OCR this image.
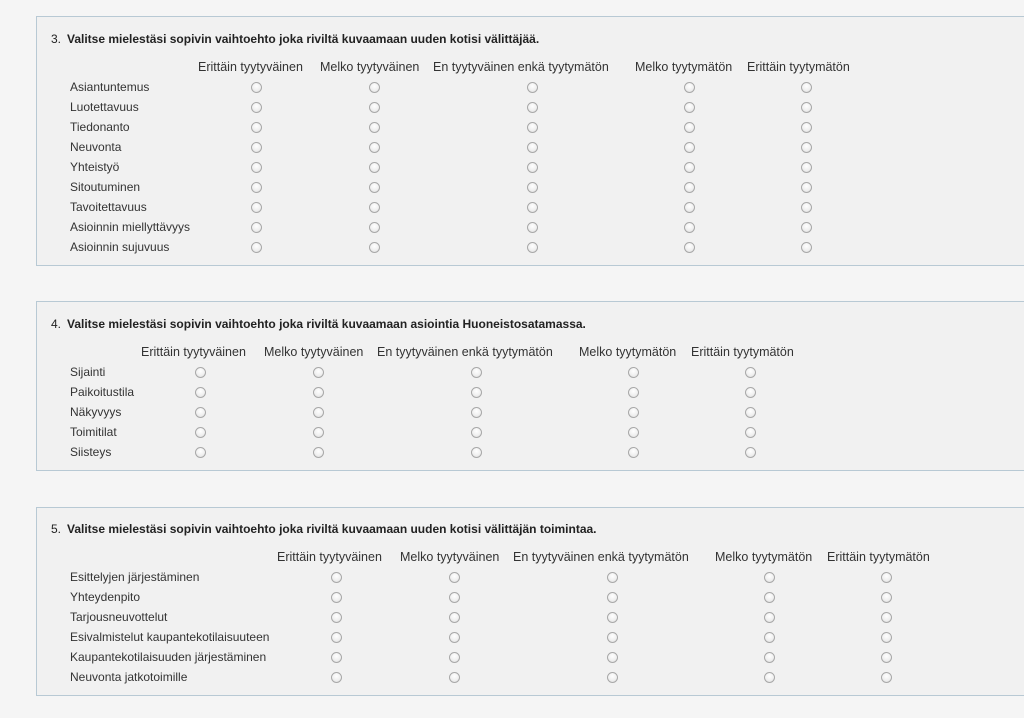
3. Valitse mielestäsi sopivin vaihtoehto joka riviltä kuvaamaan uuden kotisi välittäjää.
Erittäin tyytyväinen Melko tyytyväinen En tyytyväinen enkä tyytymätön Melko tyytymätön Erittäin tyytymätön
Asiantuntemus
Luotettavuus
Tiedonanto
Neuvonta
Yhteistyö
Sitoutuminen
Tavoitettavuus
Asioinnin miellyttävyys
Asioinnin sujuvuus
4. Valitse mielestäsi sopivin vaihtoehto joka riviltä kuvaamaan asiointia Huoneistosatamassa.
Erittäin tyytyväinen Melko tyytyväinen En tyytyväinen enkä tyytymätön Melko tyytymätön Erittäin tyytymätön
Sijainti
Paikoitustila
Näkyvyys
Toimitilat
Siisteys
5. Valitse mielestäsi sopivin vaihtoehto joka riviltä kuvaamaan uuden kotisi välittäjän toimintaa.
Erittäin tyytyväinen Melko tyytyväinen En tyytyväinen enkä tyytymätön Melko tyytymätön Erittäin tyytymätön
Esittelyjen järjestäminen
Yhteydenpito
Tarjousneuvottelut
Esivalmistelut kaupantekotilaisuuteen
Kaupantekotilaisuuden järjestäminen
Neuvonta jatkotoimille
